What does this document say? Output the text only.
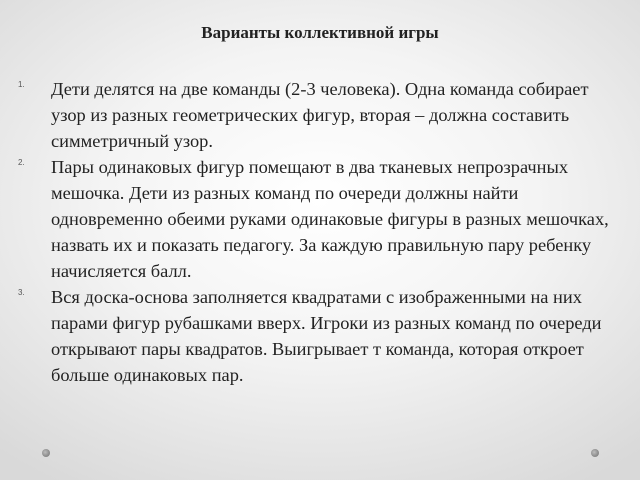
Варианты коллективной игры
1. Дети делятся на две команды (2-3 человека). Одна команда собирает узор из разных геометрических фигур, вторая – должна составить симметричный узор.
2. Пары одинаковых фигур помещают в два тканевых непрозрачных мешочка. Дети из разных команд по очереди должны найти одновременно обеими руками одинаковые фигуры в разных мешочках, назвать их и показать педагогу. За каждую правильную пару ребенку начисляется балл.
3. Вся доска-основа заполняется квадратами с изображенными на них парами фигур рубашками вверх. Игроки из разных команд по очереди открывают пары квадратов. Выигрывает т команда, которая откроет больше одинаковых пар.
